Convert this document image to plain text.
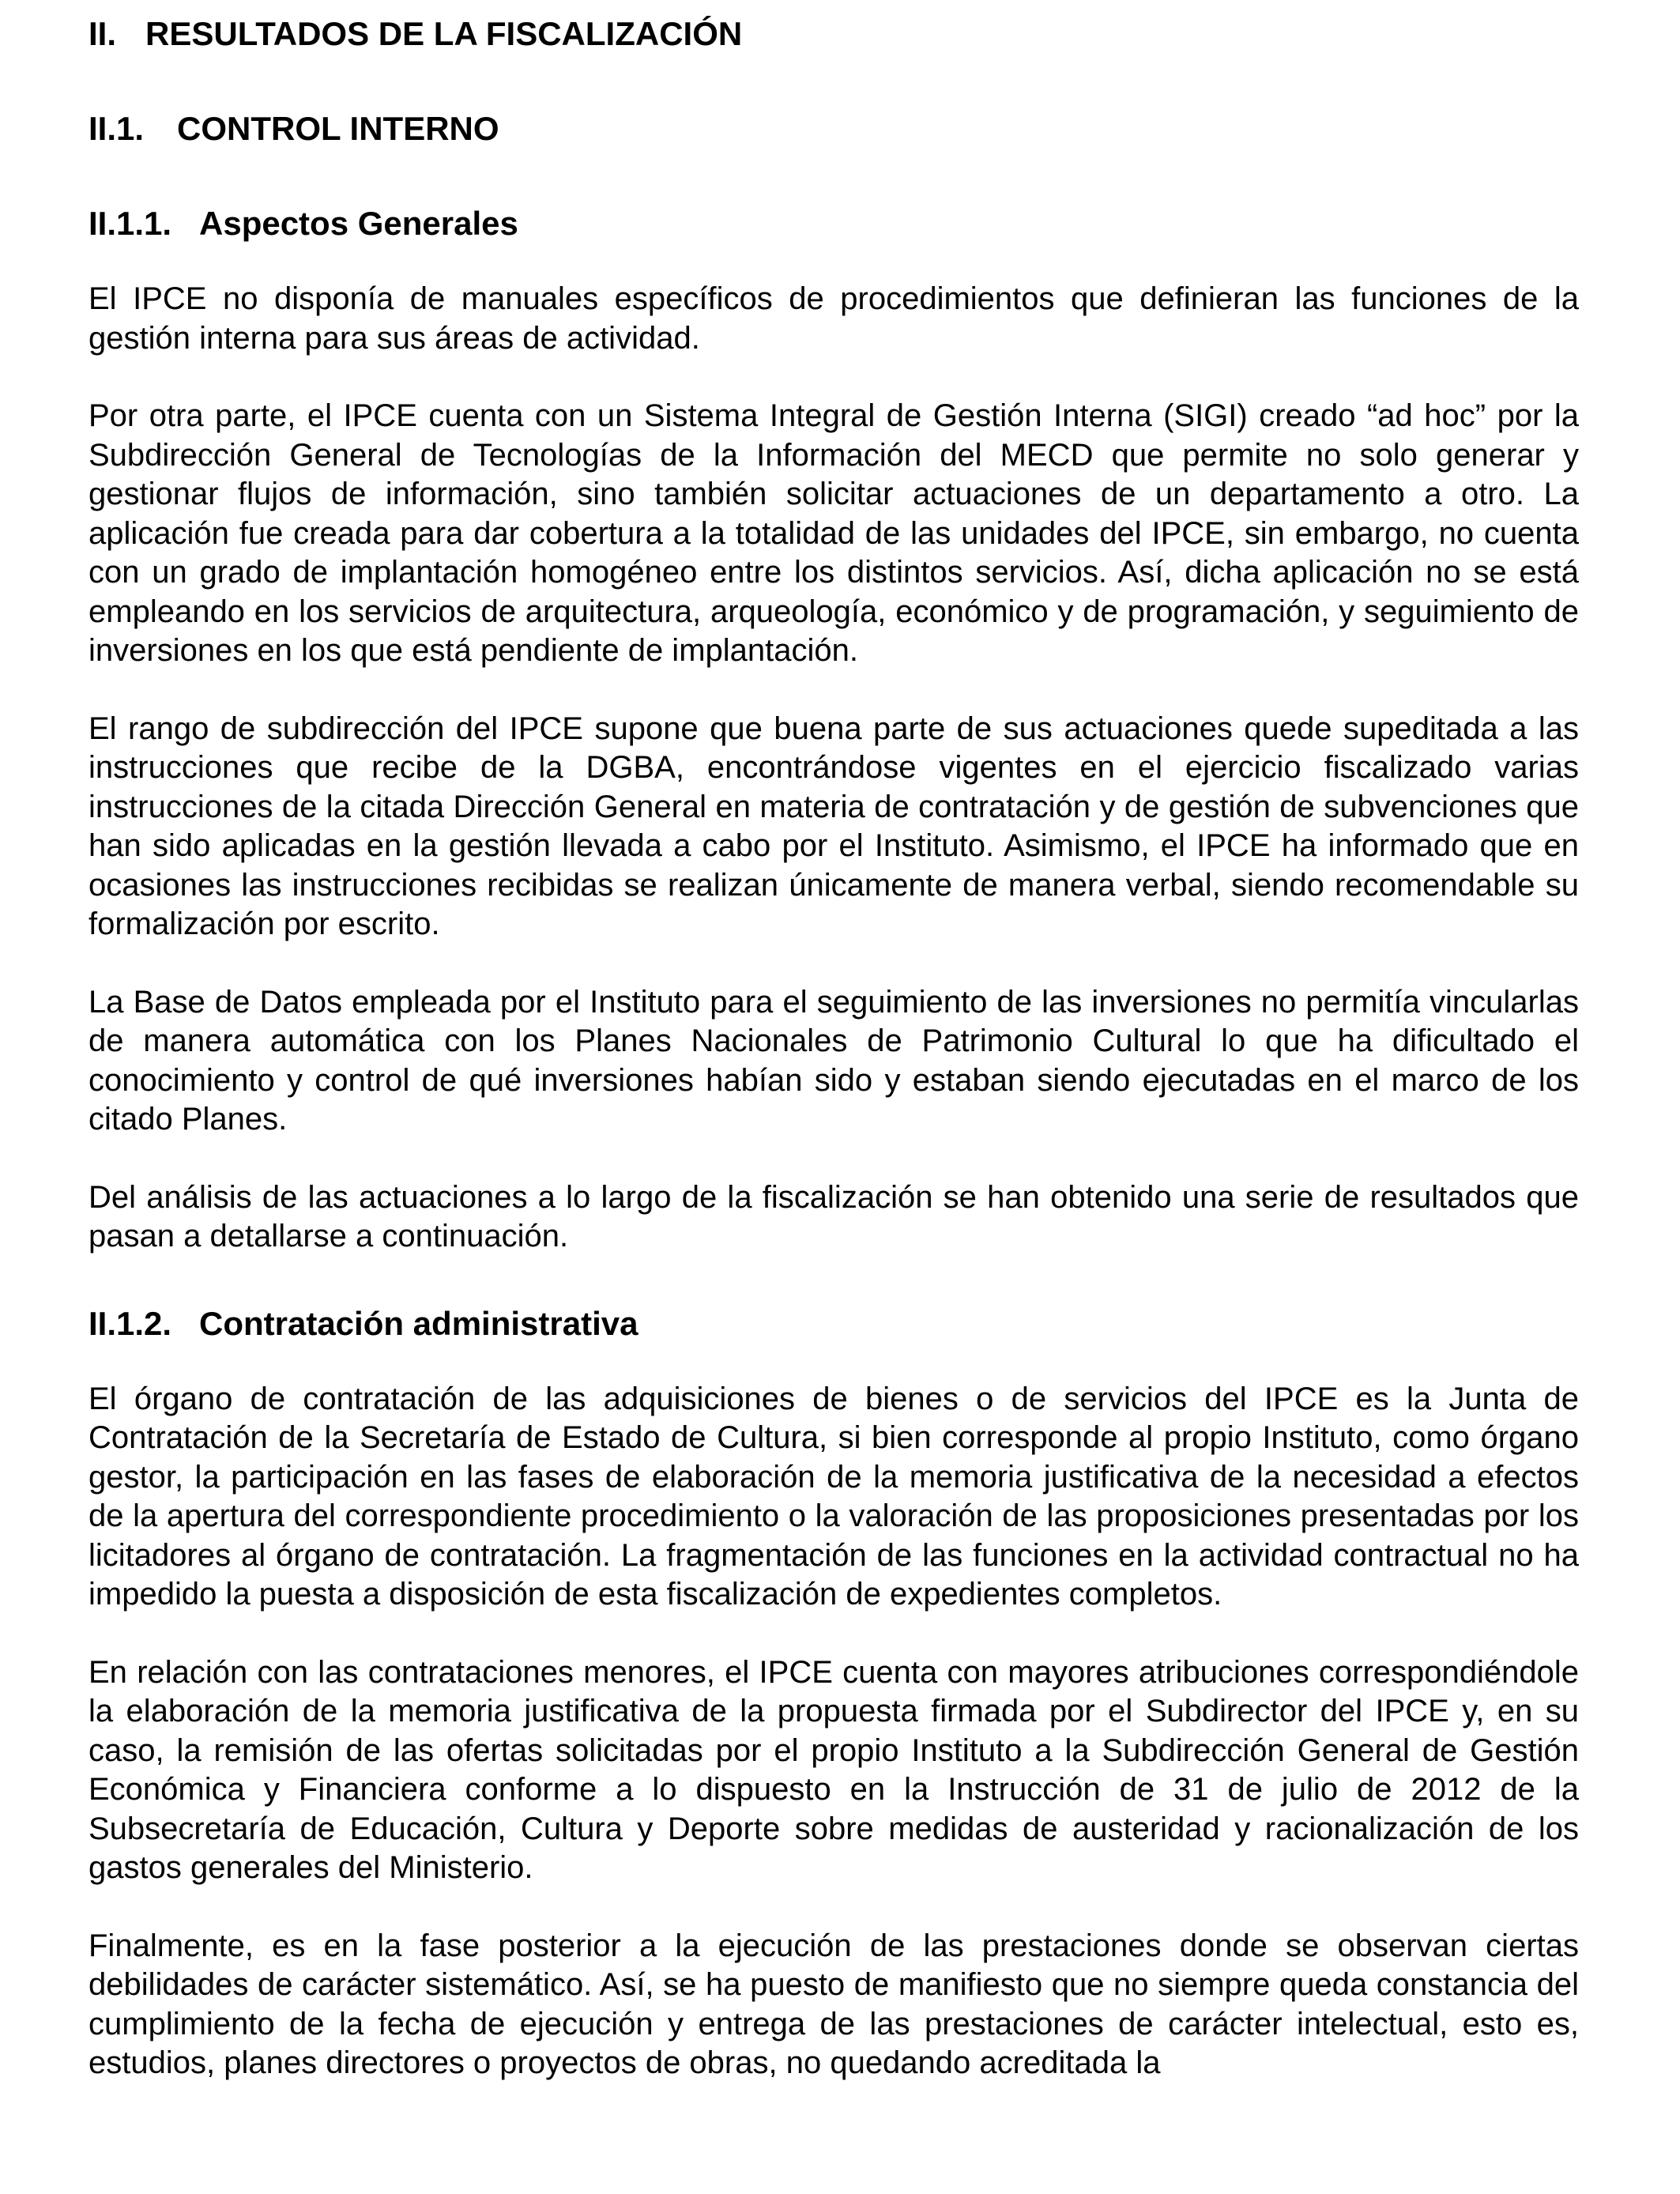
II. RESULTADOS DE LA FISCALIZACIÓN
II.1. CONTROL INTERNO
II.1.1. Aspectos Generales

El IPCE no disponía de manuales específicos de procedimientos que definieran las funciones de la gestión interna para sus áreas de actividad.

Por otra parte, el IPCE cuenta con un Sistema Integral de Gestión Interna (SIGI) creado “ad hoc” por la Subdirección General de Tecnologías de la Información del MECD que permite no solo generar y gestionar flujos de información, sino también solicitar actuaciones de un departamento a otro. La aplicación fue creada para dar cobertura a la totalidad de las unidades del IPCE, sin embargo, no cuenta con un grado de implantación homogéneo entre los distintos servicios. Así, dicha aplicación no se está empleando en los servicios de arquitectura, arqueología, económico y de programación, y seguimiento de inversiones en los que está pendiente de implantación.

El rango de subdirección del IPCE supone que buena parte de sus actuaciones quede supeditada a las instrucciones que recibe de la DGBA, encontrándose vigentes en el ejercicio fiscalizado varias instrucciones de la citada Dirección General en materia de contratación y de gestión de subvenciones que han sido aplicadas en la gestión llevada a cabo por el Instituto. Asimismo, el IPCE ha informado que en ocasiones las instrucciones recibidas se realizan únicamente de manera verbal, siendo recomendable su formalización por escrito.

La Base de Datos empleada por el Instituto para el seguimiento de las inversiones no permitía vincularlas de manera automática con los Planes Nacionales de Patrimonio Cultural lo que ha dificultado el conocimiento y control de qué inversiones habían sido y estaban siendo ejecutadas en el marco de los citado Planes.

Del análisis de las actuaciones a lo largo de la fiscalización se han obtenido una serie de resultados que pasan a detallarse a continuación.

II.1.2. Contratación administrativa

El órgano de contratación de las adquisiciones de bienes o de servicios del IPCE es la Junta de Contratación de la Secretaría de Estado de Cultura, si bien corresponde al propio Instituto, como órgano gestor, la participación en las fases de elaboración de la memoria justificativa de la necesidad a efectos de la apertura del correspondiente procedimiento o la valoración de las proposiciones presentadas por los licitadores al órgano de contratación. La fragmentación de las funciones en la actividad contractual no ha impedido la puesta a disposición de esta fiscalización de expedientes completos.

En relación con las contrataciones menores, el IPCE cuenta con mayores atribuciones correspondiéndole la elaboración de la memoria justificativa de la propuesta firmada por el Subdirector del IPCE y, en su caso, la remisión de las ofertas solicitadas por el propio Instituto a la Subdirección General de Gestión Económica y Financiera conforme a lo dispuesto en la Instrucción de 31 de julio de 2012 de la Subsecretaría de Educación, Cultura y Deporte sobre medidas de austeridad y racionalización de los gastos generales del Ministerio.

Finalmente, es en la fase posterior a la ejecución de las prestaciones donde se observan ciertas debilidades de carácter sistemático. Así, se ha puesto de manifiesto que no siempre queda constancia del cumplimiento de la fecha de ejecución y entrega de las prestaciones de carácter intelectual, esto es, estudios, planes directores o proyectos de obras, no quedando acreditada la
